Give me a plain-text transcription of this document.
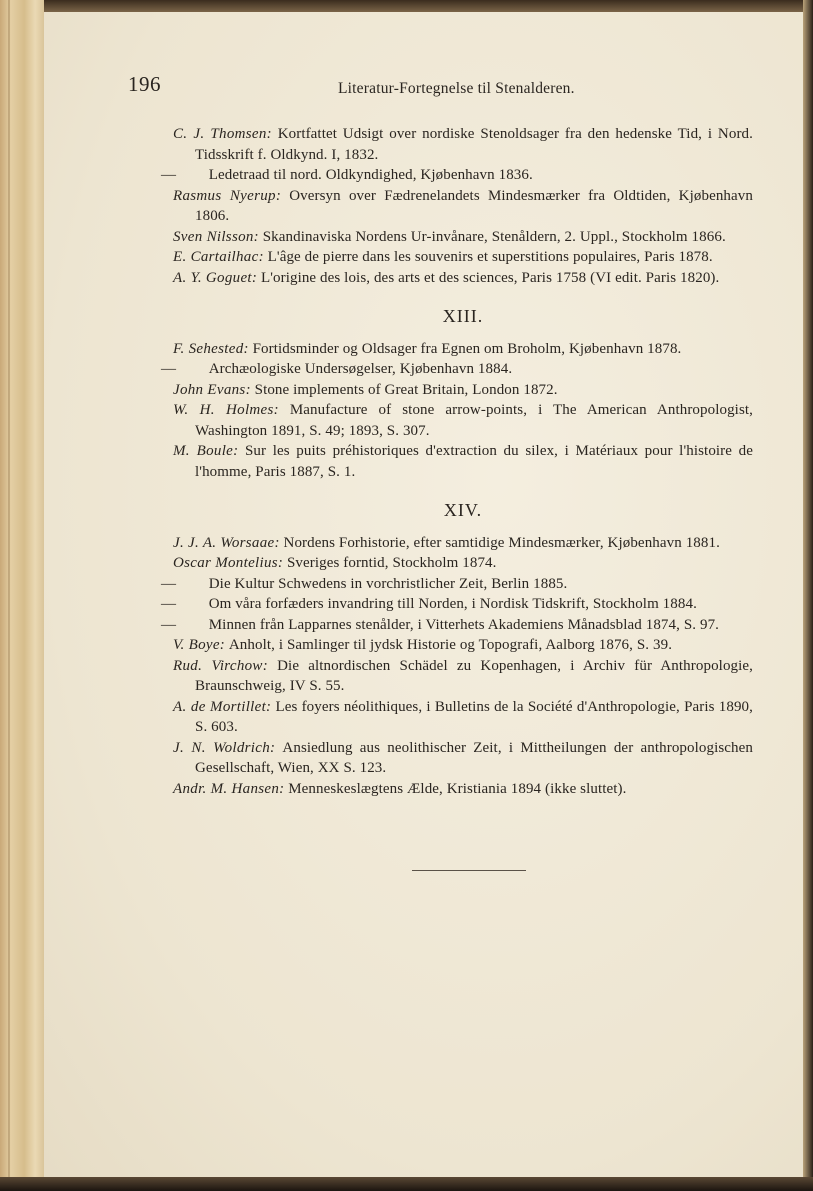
196	Literatur-Fortegnelse til Stenalderen.

C. J. Thomsen: Kortfattet Udsigt over nordiske Stenoldsager fra den hedenske Tid, i Nord. Tidsskrift f. Oldkynd. I, 1832.

— Ledetraad til nord. Oldkyndighed, Kjøbenhavn 1836.

Rasmus Nyerup: Oversyn over Fædrenelandets Mindesmærker fra Oldtiden, Kjøbenhavn 1806.

Sven Nilsson: Skandinaviska Nordens Ur-invånare, Stenåldern, 2. Uppl., Stockholm 1866.

E. Cartailhac: L'âge de pierre dans les souvenirs et superstitions populaires, Paris 1878.

A. Y. Goguet: L'origine des lois, des arts et des sciences, Paris 1758 (VI edit. Paris 1820).

XIII.

F. Sehested: Fortidsminder og Oldsager fra Egnen om Broholm, Kjøbenhavn 1878.

— Archæologiske Undersøgelser, Kjøbenhavn 1884.

John Evans: Stone implements of Great Britain, London 1872.

W. H. Holmes: Manufacture of stone arrow-points, i The American Anthropologist, Washington 1891, S. 49; 1893, S. 307.

M. Boule: Sur les puits préhistoriques d'extraction du silex, i Matériaux pour l'histoire de l'homme, Paris 1887, S. 1.

XIV.

J. J. A. Worsaae: Nordens Forhistorie, efter samtidige Mindesmærker, Kjøbenhavn 1881.

Oscar Montelius: Sveriges forntid, Stockholm 1874.

— Die Kultur Schwedens in vorchristlicher Zeit, Berlin 1885.

— Om våra forfæders invandring till Norden, i Nordisk Tidskrift, Stockholm 1884.

— Minnen från Lapparnes stenålder, i Vitterhets Akademiens Månadsblad 1874, S. 97.

V. Boye: Anholt, i Samlinger til jydsk Historie og Topografi, Aalborg 1876, S. 39.

Rud. Virchow: Die altnordischen Schädel zu Kopenhagen, i Archiv für Anthropologie, Braunschweig, IV S. 55.

A. de Mortillet: Les foyers néolithiques, i Bulletins de la Société d'Anthropologie, Paris 1890, S. 603.

J. N. Woldrich: Ansiedlung aus neolithischer Zeit, i Mittheilungen der anthropologischen Gesellschaft, Wien, XX S. 123.

Andr. M. Hansen: Menneskeslægtens Ælde, Kristiania 1894 (ikke sluttet).
